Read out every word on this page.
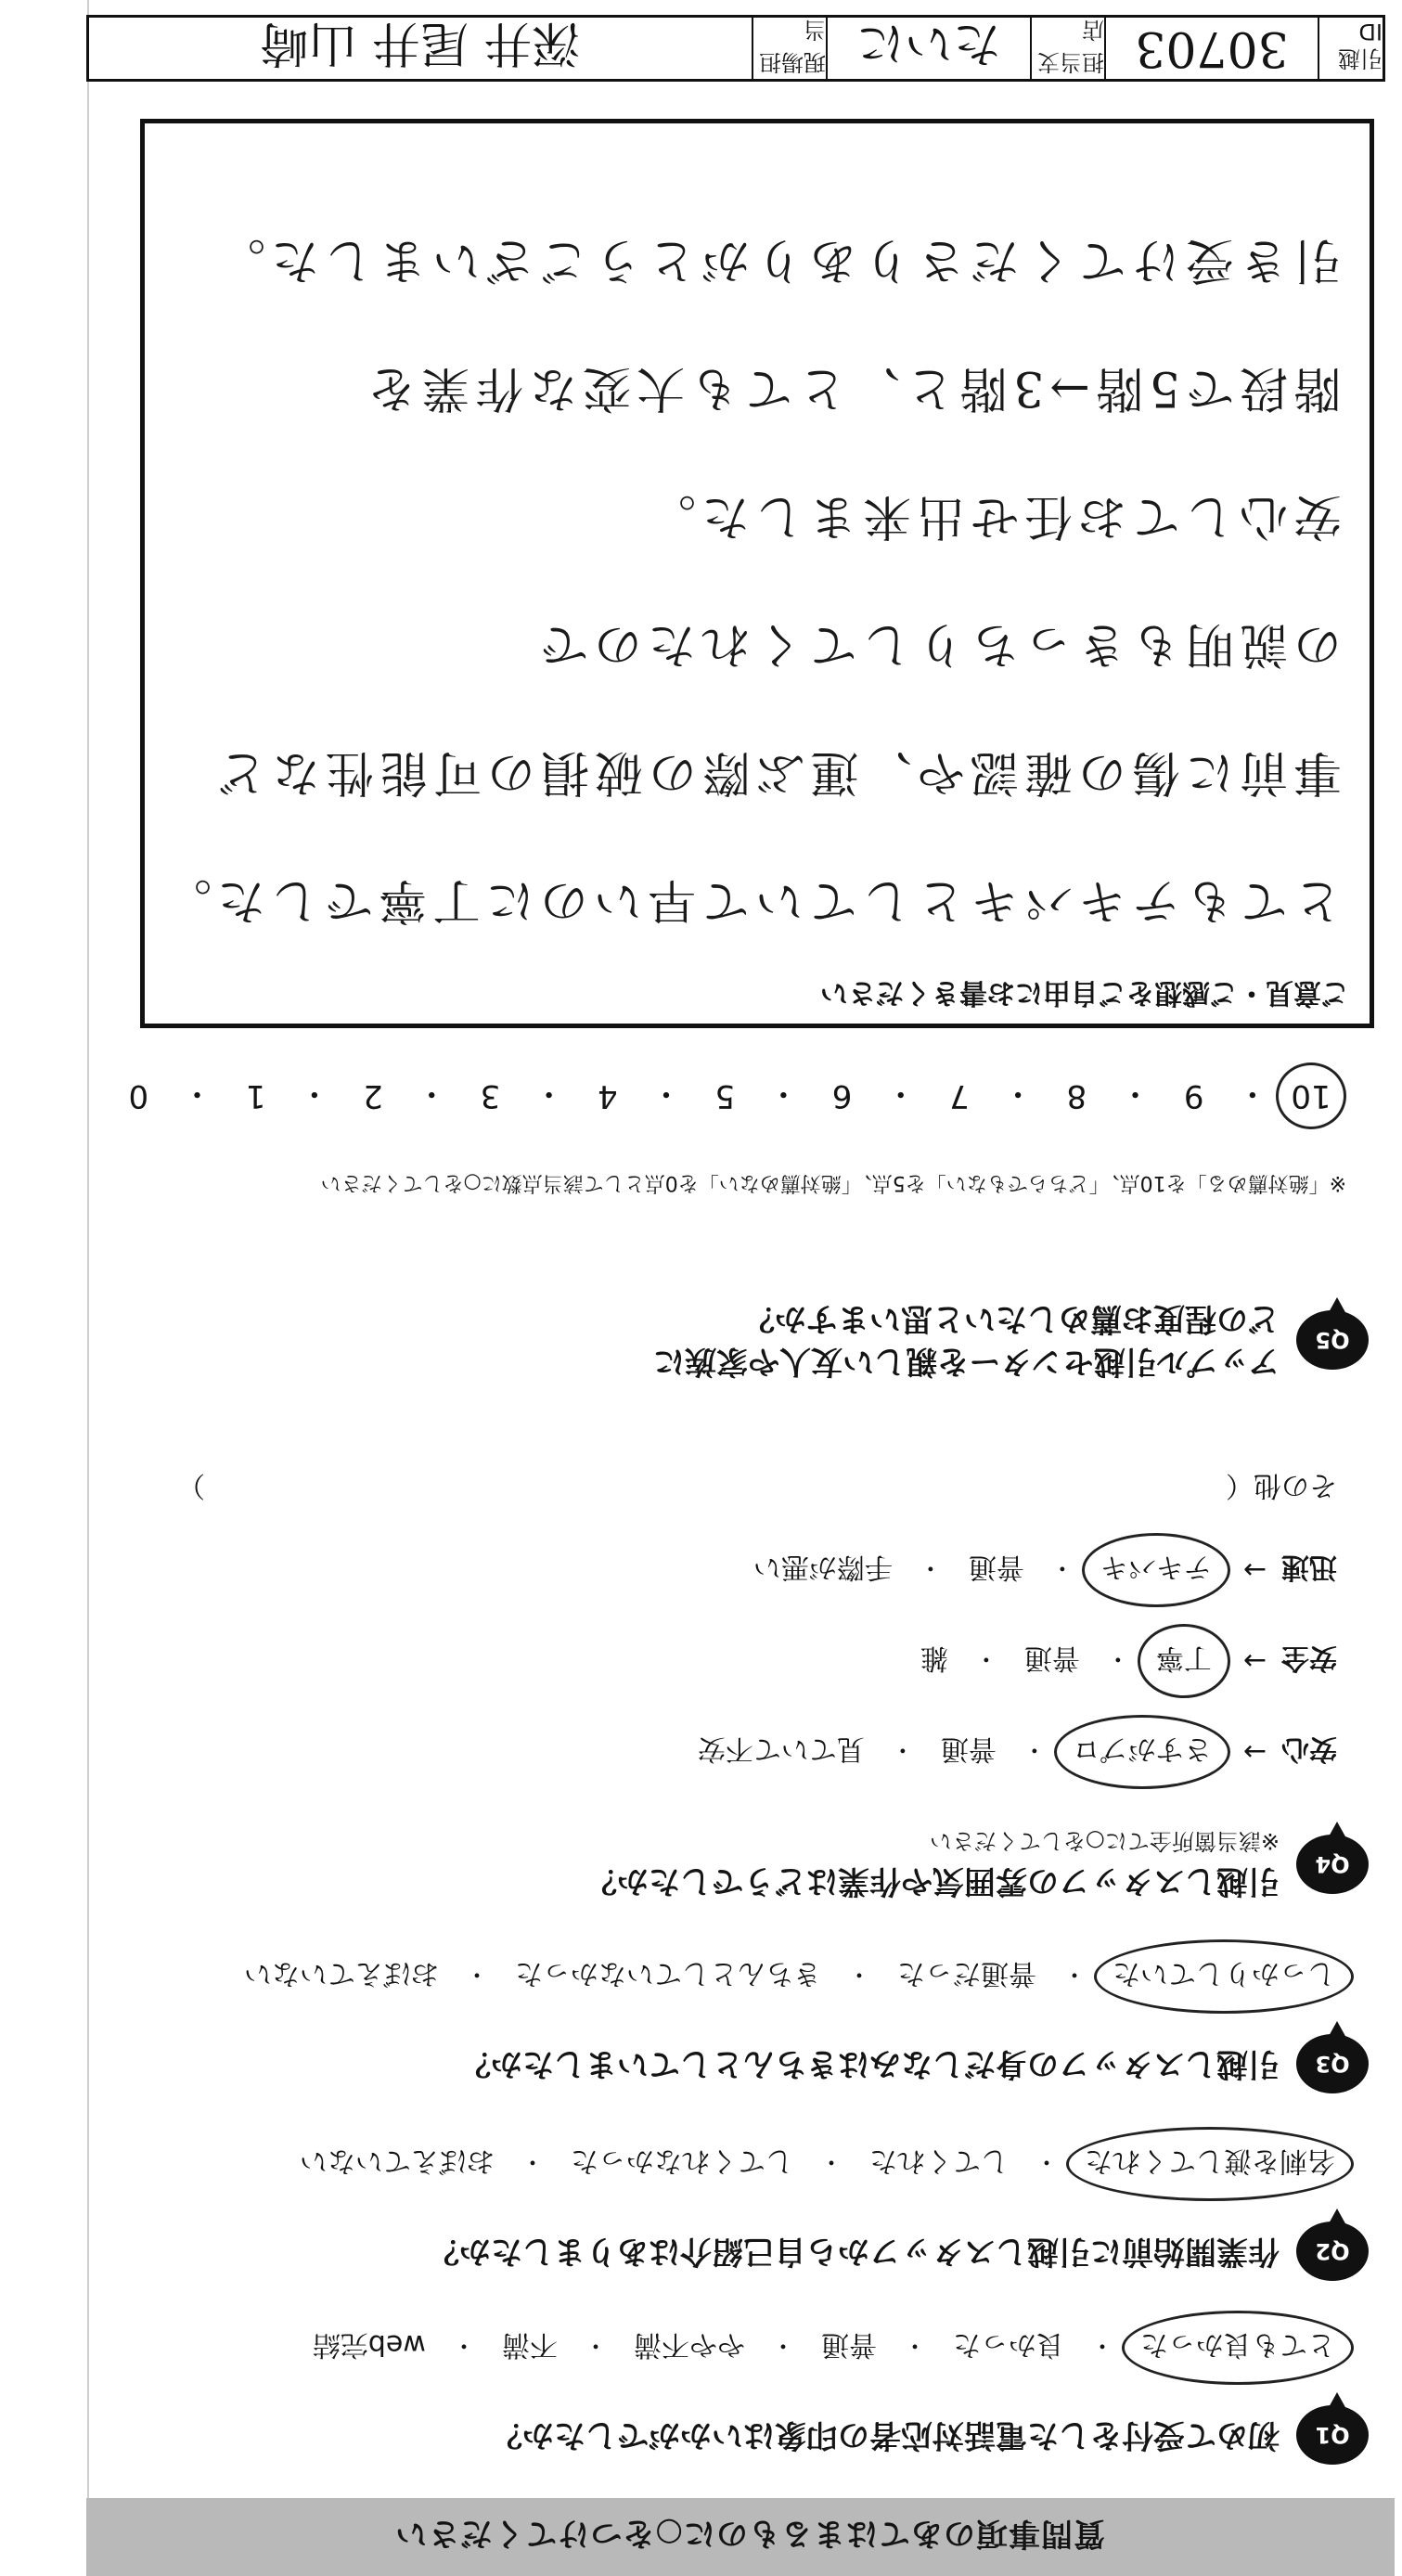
質問事項のあてはまるものに○をつけてください
Q1
初めて受付をした電話対応者の印象はいかがでしたか？
とても良かった
・
良かった
・
普通
・
やや不満
・
不満
・
web完結
Q2
作業開始前に引越しスタッフから自己紹介はありましたか？
名刺を渡してくれた
・
してくれた
・
してくれなかった
・
おぼえていない
Q3
引越しスタッフの身だしなみはきちんとしていましたか？
しっかりしていた
・
普通だった
・
きちんとしていなかった
・
おぼえていない
Q4
引越しスタッフの雰囲気や作業はどうでしたか？
※該当箇所全てに○をしてください
安心
→
さすがプロ
・
普通
・
見ていて不安
安全
→
丁寧
・
普通
・
雑
迅速
→
テキパキ
・
普通
・
手際が悪い
その他（
）
Q5
アップル引越センターを親しい友人や家族に
どの程度お薦めしたいと思いますか？
※「絶対薦める」を10点、「どちらでもない」を5点、「絶対薦めない」を0点として該当点数に○をしてください
10
・
9
・
8
・
7
・
6
・
5
・
4
・
3
・
2
・
1
・
0
ご意見・ご感想をご自由にお書きください
とてもテキパキとしていて早いのに丁寧でした。
事前に傷の確認や、運ぶ際の破損の可能性など
の説明もきっちりしてくれたので
安心してお任せ出来ました。
階段で5階→3階と、とても大変な作業を
引き受けてくださりありがとうございました。
引越ID
30703
担当支店
たいに
現場担当
深井 尾井 山崎
